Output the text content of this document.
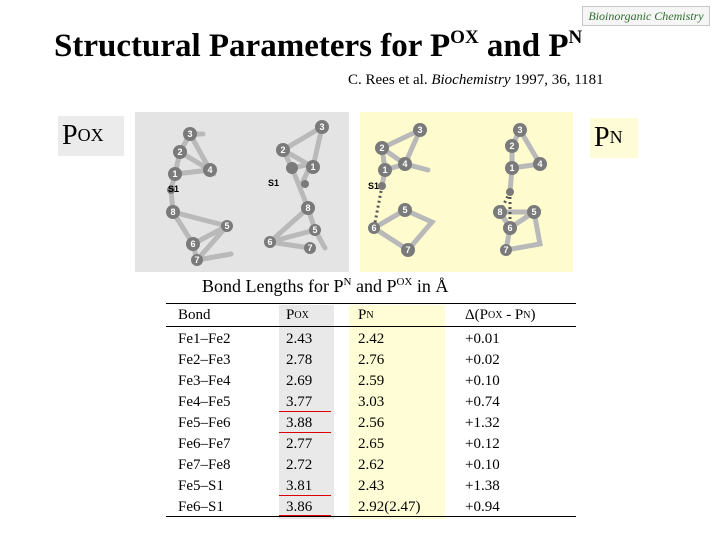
Bioinorganic Chemistry
Structural Parameters for $P^{OX}$ and $P^N$
C. Rees et al. Biochemistry 1997, 36, 1181
$P^{OX}$	$P^N$
3
2
4
1
8
5
6
7
3
2
1
8
5
6
7
S1
S1
3
2
4
1
5
6
7
3
2
4
1
8	5
6
7
S1
Bond Lengths for $P^N$ and $P^{OX}$ in Å
Bond	$P^{OX}$	$P^N$	$\Delta(P^{OX} - P^N)$
Fe1–Fe2	2.43	2.42	+0.01
Fe2–Fe3	2.78	2.76	+0.02
Fe3–Fe4	2.69	2.59	+0.10
Fe4–Fe5	3.77	3.03	+0.74
Fe5–Fe6	3.88	2.56	+1.32
Fe6–Fe7	2.77	2.65	+0.12
Fe7–Fe8	2.72	2.62	+0.10
Fe5–S1	3.81	2.43	+1.38
Fe6–S1	3.86	2.92(2.47)	+0.94
